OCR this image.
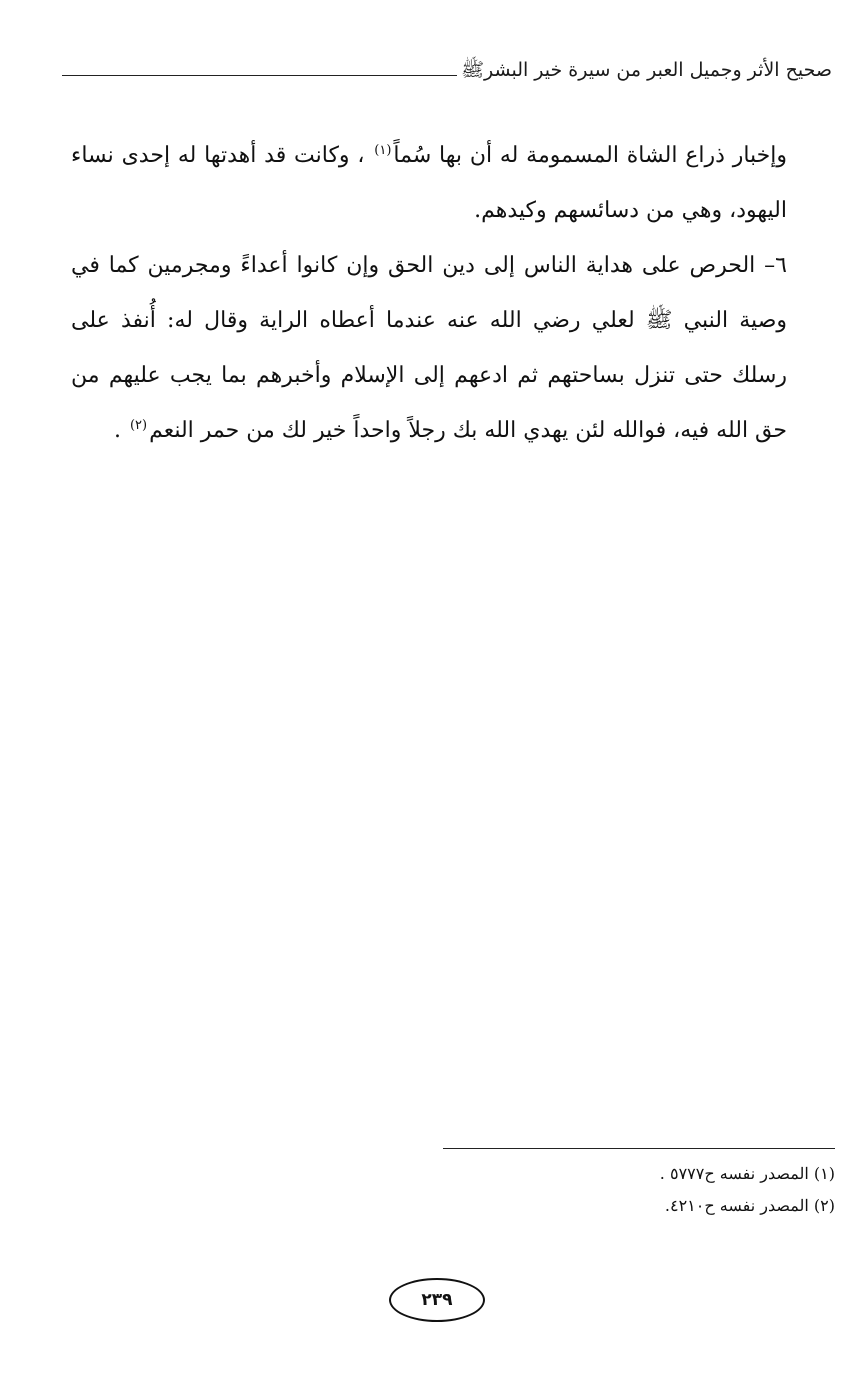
صحيح الأثر وجميل العبر من سيرة خير البشرﷺ

وإخبار ذراع الشاة المسمومة له أن بها سُماً$^{(١)}$ ، وكانت قد أهدتها له إحدى نساء اليهود، وهي من دسائسهم وكيدهم.

٦– الحرص على هداية الناس إلى دين الحق وإن كانوا أعداءً ومجرمين كما في وصية النبي ﷺ لعلي رضي الله عنه عندما أعطاه الراية وقال له: أُنفذ على رسلك حتى تنزل بساحتهم ثم ادعهم إلى الإسلام وأخبرهم بما يجب عليهم من حق الله فيه، فوالله لئن يهدي الله بك رجلاً واحداً خير لك من حمر النعم$^{(٢)}$ .

(١) المصدر نفسه ح٥٧٧٧ .
(٢) المصدر نفسه ح٤٢١٠.
٢٣٩
